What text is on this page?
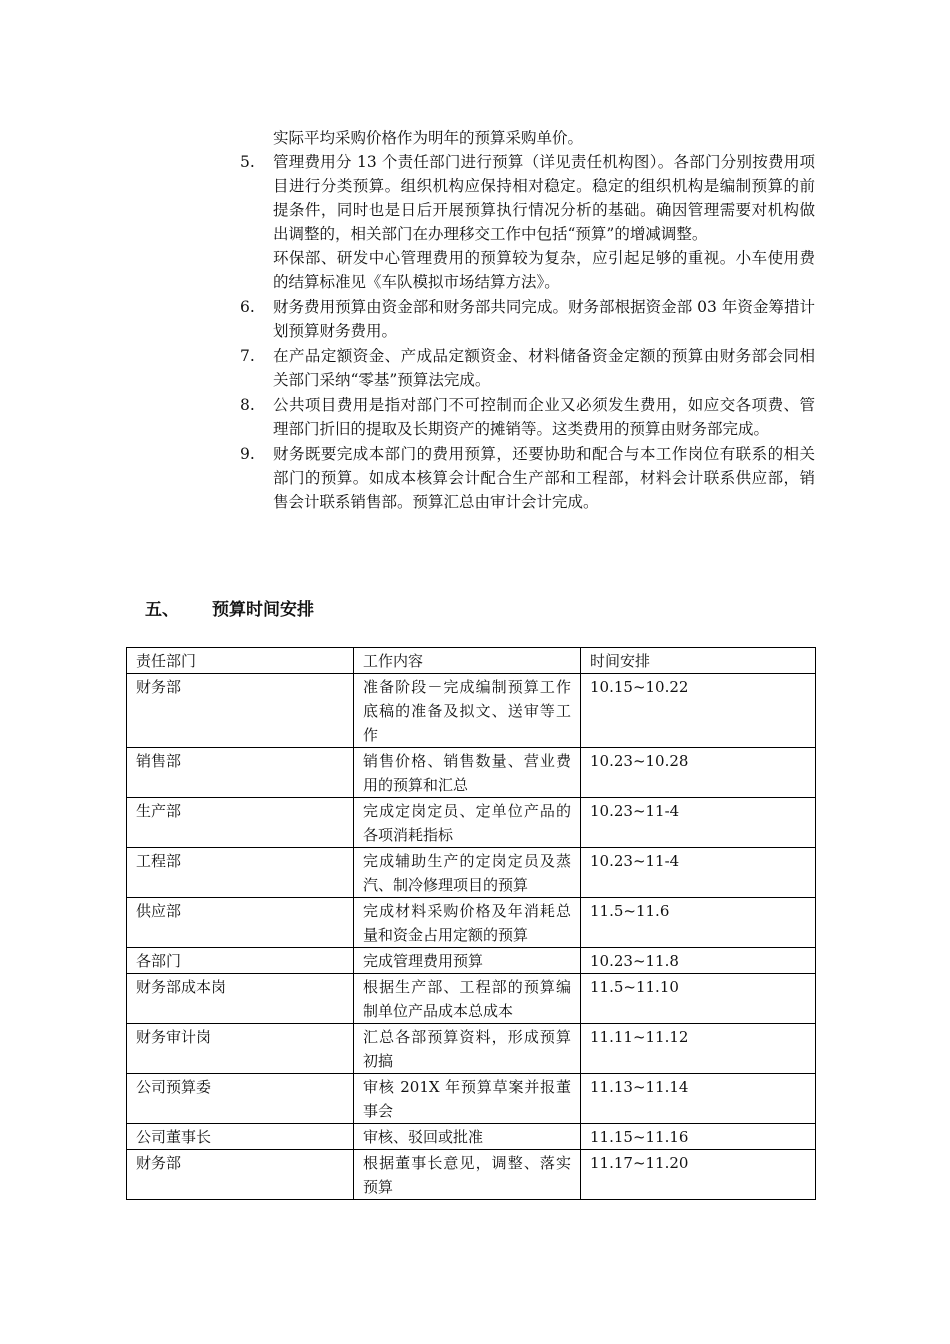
实际平均采购价格作为明年的预算采购单价。
5.	管理费用分 13 个责任部门进行预算（详见责任机构图）。各部门分别按费用项目进行分类预算。组织机构应保持相对稳定。稳定的组织机构是编制预算的前提条件，同时也是日后开展预算执行情况分析的基础。确因管理需要对机构做出调整的，相关部门在办理移交工作中包括“预算”的增减调整。

环保部、研发中心管理费用的预算较为复杂，应引起足够的重视。小车使用费的结算标准见《车队模拟市场结算方法》。

6.	财务费用预算由资金部和财务部共同完成。财务部根据资金部 03 年资金筹措计划预算财务费用。

7.	在产品定额资金、产成品定额资金、材料储备资金定额的预算由财务部会同相关部门采纳“零基”预算法完成。

8.	公共项目费用是指对部门不可控制而企业又必须发生费用，如应交各项费、管理部门折旧的提取及长期资产的摊销等。这类费用的预算由财务部完成。

9.	财务既要完成本部门的费用预算，还要协助和配合与本工作岗位有联系的相关部门的预算。如成本核算会计配合生产部和工程部，材料会计联系供应部，销售会计联系销售部。预算汇总由审计会计完成。

五、	预算时间安排
责任部门	工作内容	时间安排
财务部	准备阶段－完成编制预算工作底稿的准备及拟文、送审等工作	10.15~10.22
销售部	销售价格、销售数量、营业费用的预算和汇总	10.23~10.28
生产部	完成定岗定员、定单位产品的各项消耗指标	10.23~11-4
工程部	完成辅助生产的定岗定员及蒸汽、制冷修理项目的预算	10.23~11-4
供应部	完成材料采购价格及年消耗总量和资金占用定额的预算	11.5~11.6
各部门	完成管理费用预算	10.23~11.8
财务部成本岗	根据生产部、工程部的预算编制单位产品成本总成本	11.5~11.10
财务审计岗	汇总各部预算资料，形成预算初搞	11.11~11.12
公司预算委	审核 201X 年预算草案并报董事会	11.13~11.14
公司董事长	审核、驳回或批准	11.15~11.16
财务部	根据董事长意见，调整、落实预算	11.17~11.20
